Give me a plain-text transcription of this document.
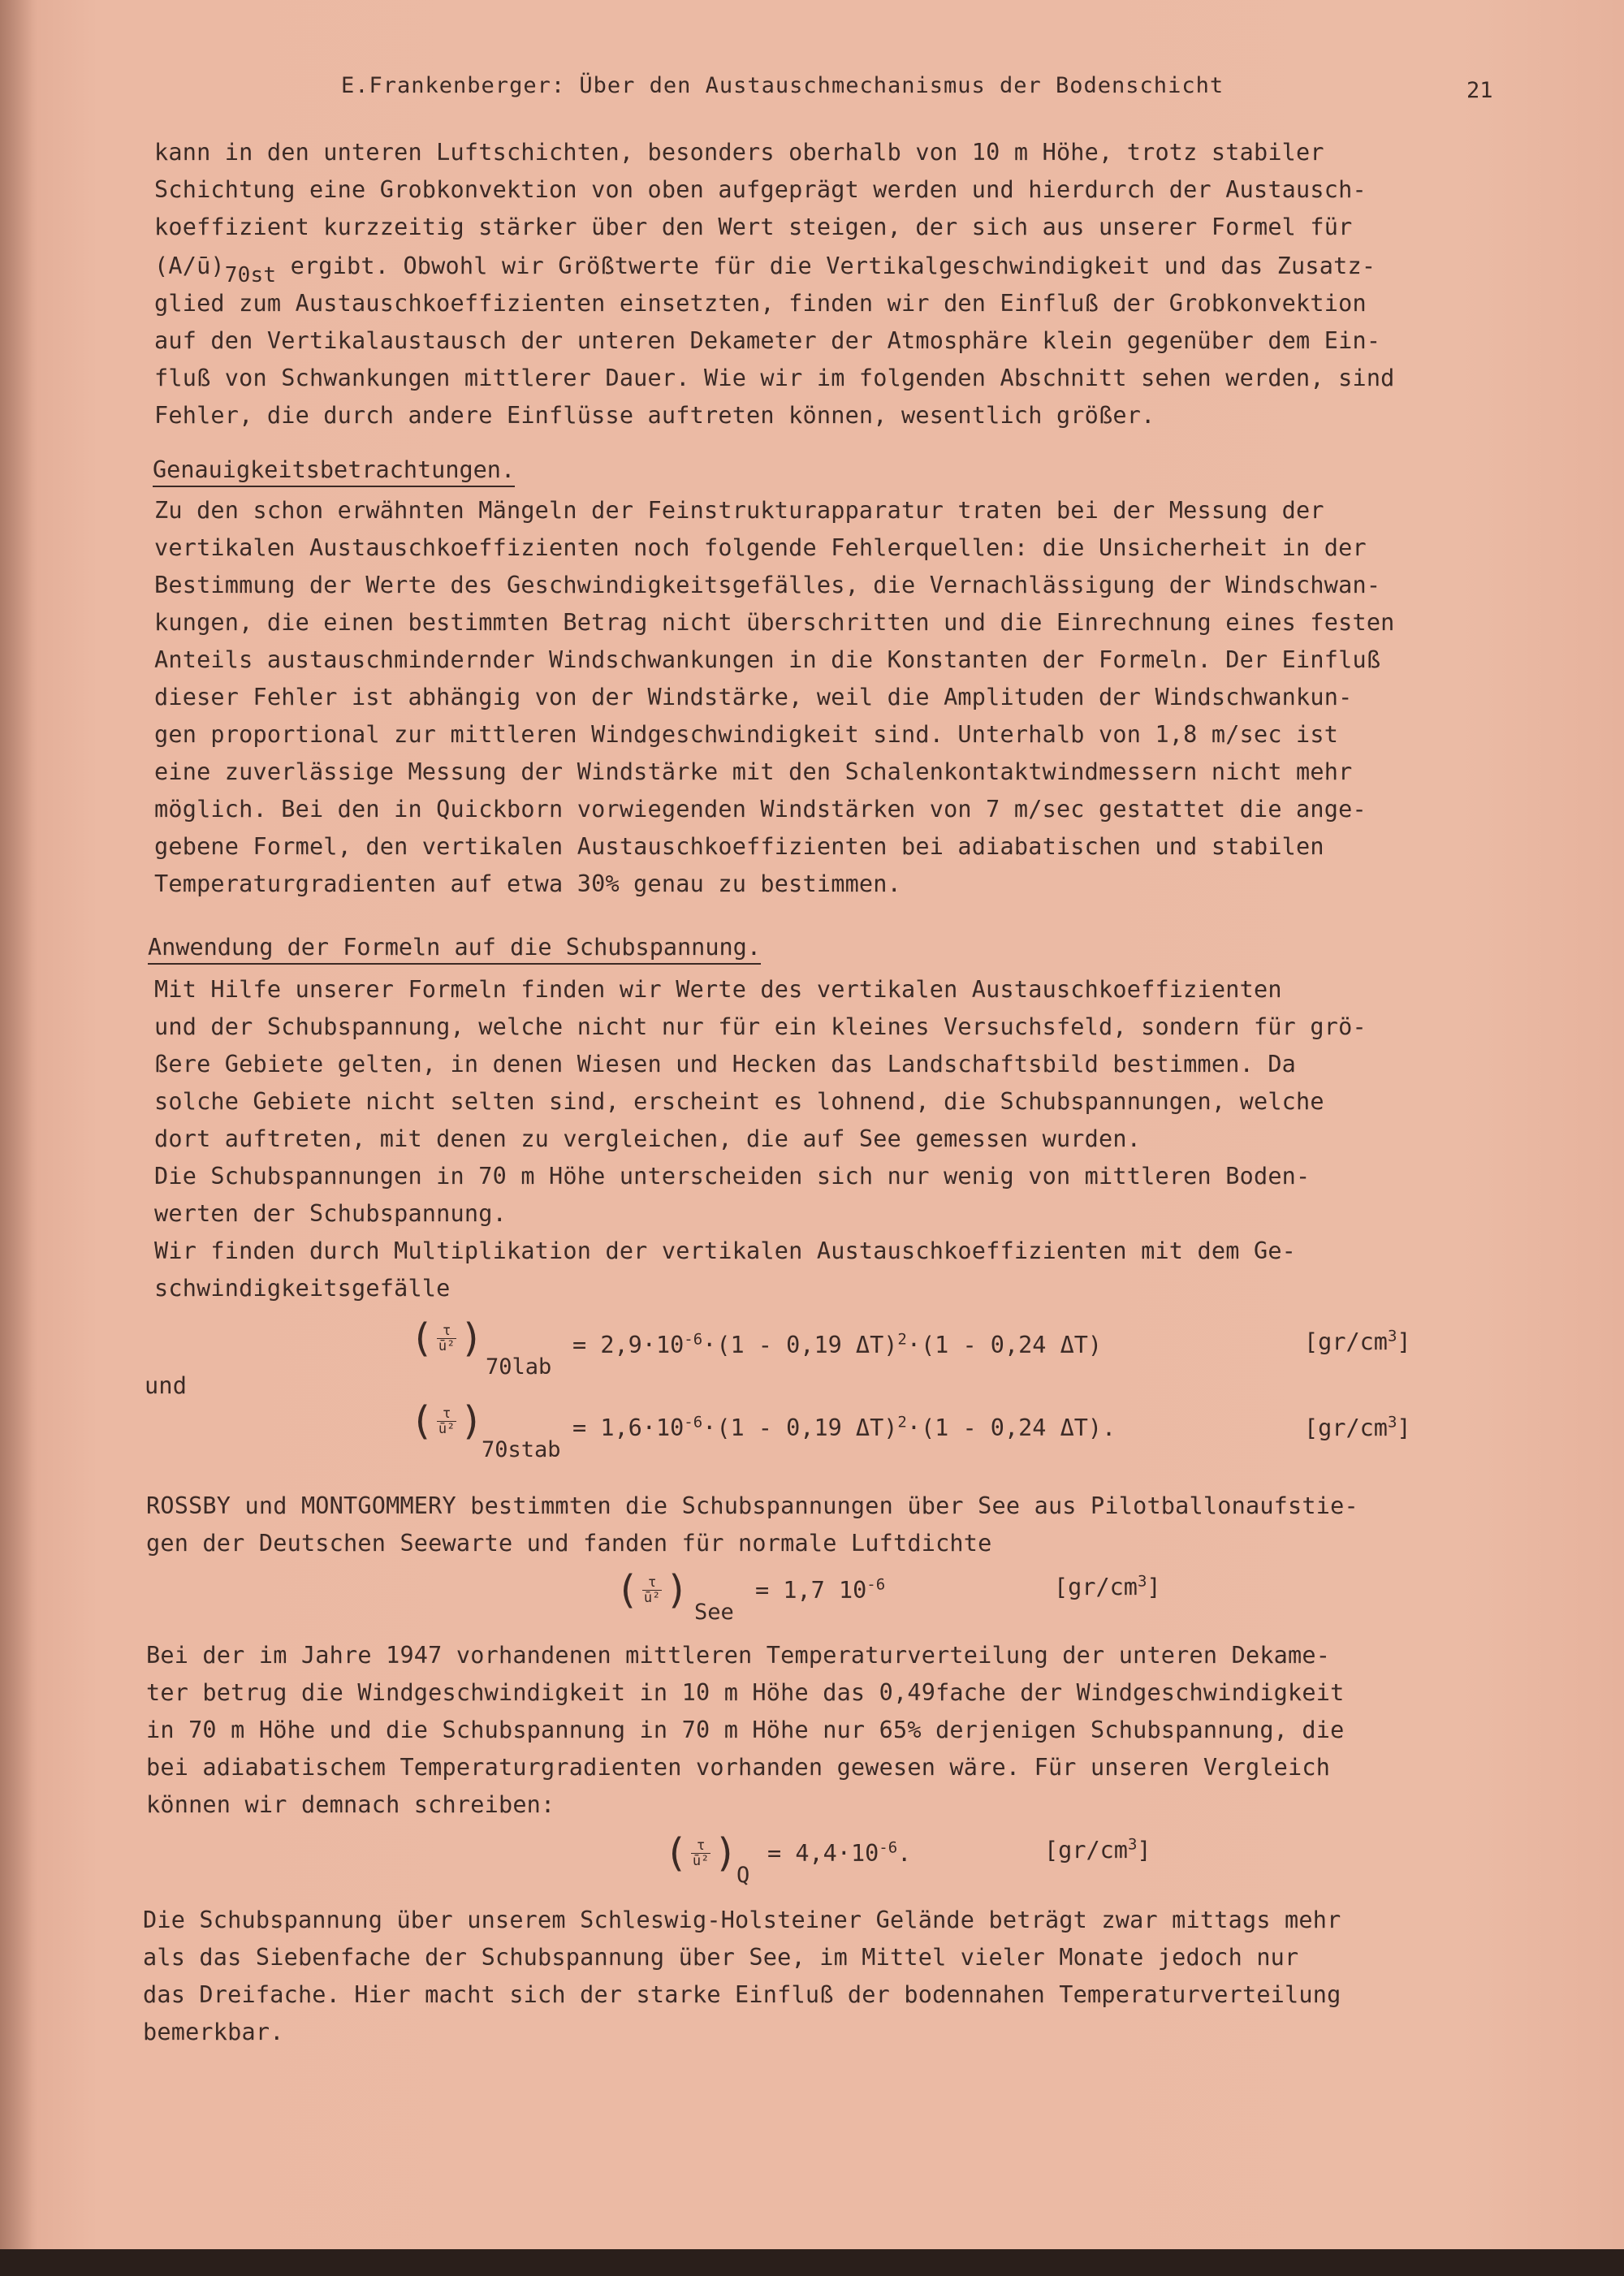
E.Frankenberger: Über den Austauschmechanismus der Bodenschicht	21
kann in den unteren Luftschichten, besonders oberhalb von 10 m Höhe, trotz stabiler
Schichtung eine Grobkonvektion von oben aufgeprägt werden und hierdurch der Austausch-
koeffizient kurzzeitig stärker über den Wert steigen, der sich aus unserer Formel für
(A/ū)70st ergibt. Obwohl wir Größtwerte für die Vertikalgeschwindigkeit und das Zusatz-
glied zum Austauschkoeffizienten einsetzten, finden wir den Einfluß der Grobkonvektion
auf den Vertikalaustausch der unteren Dekameter der Atmosphäre klein gegenüber dem Ein-
fluß von Schwankungen mittlerer Dauer. Wie wir im folgenden Abschnitt sehen werden, sind
Fehler, die durch andere Einflüsse auftreten können, wesentlich größer.
Genauigkeitsbetrachtungen.
Zu den schon erwähnten Mängeln der Feinstrukturapparatur traten bei der Messung der
vertikalen Austauschkoeffizienten noch folgende Fehlerquellen: die Unsicherheit in der
Bestimmung der Werte des Geschwindigkeitsgefälles, die Vernachlässigung der Windschwan-
kungen, die einen bestimmten Betrag nicht überschritten und die Einrechnung eines festen
Anteils austauschmindernder Windschwankungen in die Konstanten der Formeln. Der Einfluß
dieser Fehler ist abhängig von der Windstärke, weil die Amplituden der Windschwankun-
gen proportional zur mittleren Windgeschwindigkeit sind. Unterhalb von 1,8 m/sec ist
eine zuverlässige Messung der Windstärke mit den Schalenkontaktwindmessern nicht mehr
möglich. Bei den in Quickborn vorwiegenden Windstärken von 7 m/sec gestattet die ange-
gebene Formel, den vertikalen Austauschkoeffizienten bei adiabatischen und stabilen
Temperaturgradienten auf etwa 30% genau zu bestimmen.
Anwendung der Formeln auf die Schubspannung.
Mit Hilfe unserer Formeln finden wir Werte des vertikalen Austauschkoeffizienten
und der Schubspannung, welche nicht nur für ein kleines Versuchsfeld, sondern für grö-
ßere Gebiete gelten, in denen Wiesen und Hecken das Landschaftsbild bestimmen. Da
solche Gebiete nicht selten sind, erscheint es lohnend, die Schubspannungen, welche
dort auftreten, mit denen zu vergleichen, die auf See gemessen wurden.
Die Schubspannungen in 70 m Höhe unterscheiden sich nur wenig von mittleren Boden-
werten der Schubspannung.
Wir finden durch Multiplikation der vertikalen Austauschkoeffizienten mit dem Ge-
schwindigkeitsgefälle
( $\frac{\tau}{\text{ū²}}$ )
70lab
= $2,9\cdot 10^{-6}\cdot(1 - 0,19$ ΔT)$^2$·(1 - 0,24 ΔT)	$[gr/cm^3]$
und
( $\frac{\tau}{\text{ū²}}$ )
70stab
= $1,6\cdot 10^{-6}\cdot(1 - 0,19$ ΔT)$^2$·(1 - 0,24 ΔT).	$[gr/cm^3]$
ROSSBY und MONTGOMMERY bestimmten die Schubspannungen über See aus Pilotballonaufstie-
gen der Deutschen Seewarte und fanden für normale Luftdichte
( $\frac{\tau}{\text{ū²}}$ ) See
= 1,7 $10^{-6}$	$[gr/cm^3]$
Bei der im Jahre 1947 vorhandenen mittleren Temperaturverteilung der unteren Dekame-
ter betrug die Windgeschwindigkeit in 10 m Höhe das 0,49fache der Windgeschwindigkeit
in 70 m Höhe und die Schubspannung in 70 m Höhe nur 65% derjenigen Schubspannung, die
bei adiabatischem Temperaturgradienten vorhanden gewesen wäre. Für unseren Vergleich
können wir demnach schreiben:
( $\frac{\tau}{\text{ū²}}$ )
Q
= $4,4\cdot 10^{-6}$.	$[gr/cm^3]$
Die Schubspannung über unserem Schleswig-Holsteiner Gelände beträgt zwar mittags mehr
als das Siebenfache der Schubspannung über See, im Mittel vieler Monate jedoch nur
das Dreifache. Hier macht sich der starke Einfluß der bodennahen Temperaturverteilung
bemerkbar.
